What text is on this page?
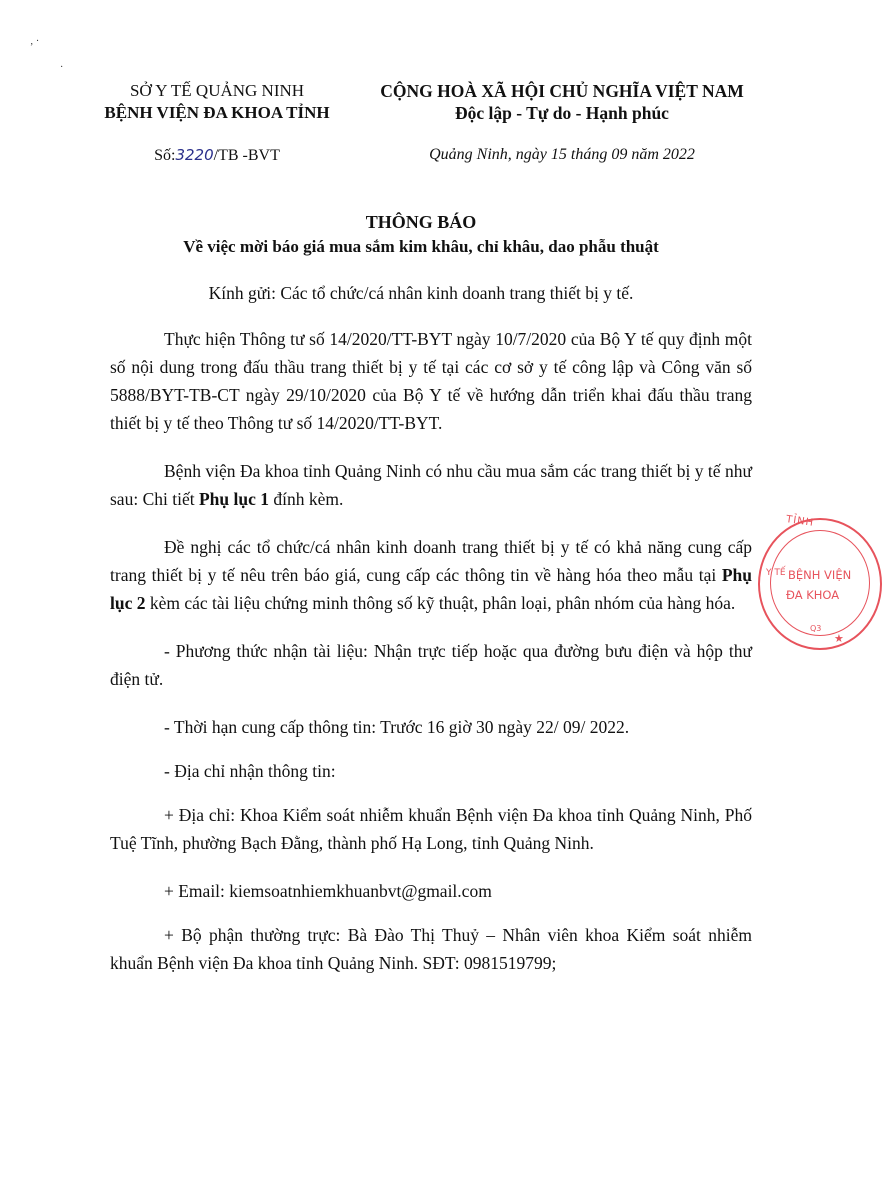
‚ ·
·
SỞ Y TẾ QUẢNG NINH
BỆNH VIỆN ĐA KHOA TỈNH
CỘNG HOÀ XÃ HỘI CHỦ NGHĨA VIỆT NAM
Độc lập - Tự do - Hạnh phúc
Số:3220/TB -BVT	Quảng Ninh, ngày 15 tháng 09 năm 2022
THÔNG BÁO
Về việc mời báo giá mua sắm kim khâu, chỉ khâu, dao phẫu thuật
Kính gửi: Các tổ chức/cá nhân kinh doanh trang thiết bị y tế.

Thực hiện Thông tư số 14/2020/TT-BYT ngày 10/7/2020 của Bộ Y tế quy định một số nội dung trong đấu thầu trang thiết bị y tế tại các cơ sở y tế công lập và Công văn số 5888/BYT-TB-CT ngày 29/10/2020 của Bộ Y tế về hướng dẫn triển khai đấu thầu trang thiết bị y tế theo Thông tư số 14/2020/TT-BYT.

Bệnh viện Đa khoa tỉnh Quảng Ninh có nhu cầu mua sắm các trang thiết bị y tế như sau: Chi tiết Phụ lục 1 đính kèm.

Đề nghị các tổ chức/cá nhân kinh doanh trang thiết bị y tế có khả năng cung cấp trang thiết bị y tế nêu trên báo giá, cung cấp các thông tin về hàng hóa theo mẫu tại Phụ lục 2 kèm các tài liệu chứng minh thông số kỹ thuật, phân loại, phân nhóm của hàng hóa.

- Phương thức nhận tài liệu: Nhận trực tiếp hoặc qua đường bưu điện và hộp thư điện tử.

- Thời hạn cung cấp thông tin: Trước 16 giờ 30 ngày 22/ 09/ 2022.

- Địa chỉ nhận thông tin:

+ Địa chỉ: Khoa Kiểm soát nhiễm khuẩn Bệnh viện Đa khoa tỉnh Quảng Ninh, Phố Tuệ Tĩnh, phường Bạch Đằng, thành phố Hạ Long, tỉnh Quảng Ninh.

+ Email: kiemsoatnhiemkhuanbvt@gmail.com

+ Bộ phận thường trực: Bà Đào Thị Thuỷ – Nhân viên khoa Kiểm soát nhiễm khuẩn Bệnh viện Đa khoa tỉnh Quảng Ninh. SĐT: 0981519799;

TỈNH
Y TẾ BỆNH VIỆN
ĐA KHOA
Q3
★
